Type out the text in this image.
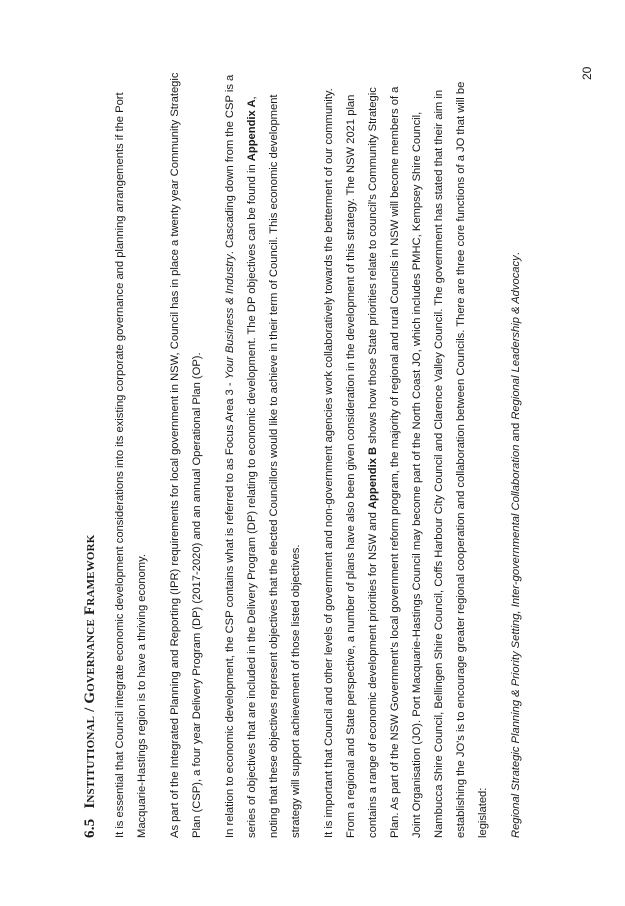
20
6.5Institutional / Governance Framework	It is essential that Council integrate economic development considerations into its existing corporate governance and planning arrangements if the Port Macquarie-Hastings region is to have a thriving economy.	As part of the Integrated Planning and Reporting (IPR) requirements for local government in NSW, Council has in place a twenty year Community Strategic Plan (CSP), a four year Delivery Program (DP) (2017-2020) and an annual Operational Plan (OP).	In relation to economic development, the CSP contains what is referred to as Focus Area 3 - Your Business & Industry. Cascading down from the CSP is a series of objectives that are included in the Delivery Program (DP) relating to economic development. The DP objectives can be found in Appendix A, noting that these objectives represent objectives that the elected Councillors would like to achieve in their term of Council. This economic development strategy will support achievement of those listed objectives.	It is important that Council and other levels of government and non-government agencies work collaboratively towards the betterment of our community. From a regional and State perspective, a number of plans have also been given consideration in the development of this strategy. The NSW 2021 plan contains a range of economic development priorities for NSW and Appendix B shows how those State priorities relate to council's Community Strategic Plan. As part of the NSW Government's local government reform program, the majority of regional and rural Councils in NSW will become members of a Joint Organisation (JO). Port Macquarie-Hastings Council may become part of the North Coast JO, which includes PMHC, Kempsey Shire Council, Nambucca Shire Council, Bellingen Shire Council, Coffs Harbour City Council and Clarence Valley Council. The government has stated that their aim in establishing the JO's is to encourage greater regional cooperation and collaboration between Councils. There are three core functions of a JO that will be legislated:	Regional Strategic Planning & Priority Setting, Inter-governmental Collaboration and Regional Leadership & Advocacy.
